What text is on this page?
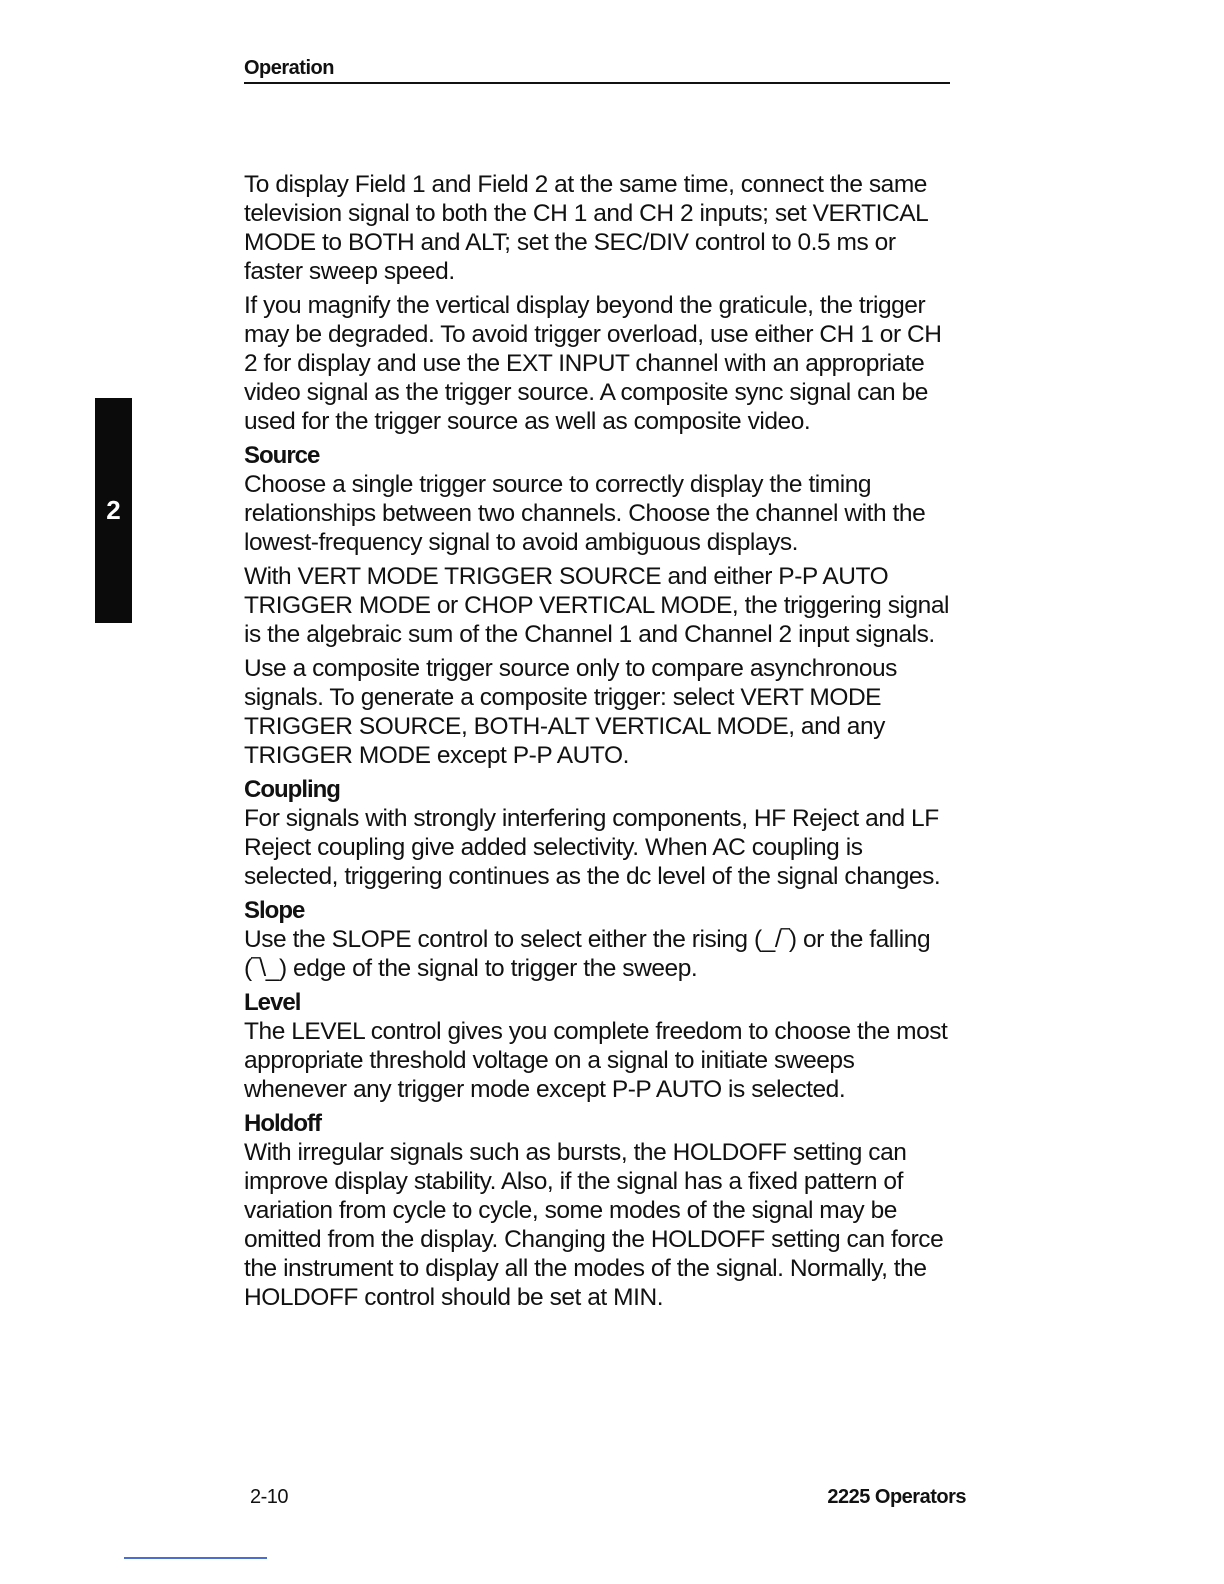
Operation
2

To display Field 1 and Field 2 at the same time, connect the same television signal to both the CH 1 and CH 2 inputs; set VERTICAL MODE to BOTH and ALT; set the SEC/DIV control to 0.5 ms or faster sweep speed.

If you magnify the vertical display beyond the graticule, the trigger may be degraded. To avoid trigger overload, use either CH 1 or CH 2 for display and use the EXT INPUT channel with an appropriate video signal as the trigger source. A composite sync signal can be used for the trigger source as well as composite video.

Source

Choose a single trigger source to correctly display the timing relationships between two channels. Choose the channel with the lowest-frequency signal to avoid ambiguous displays.

With VERT MODE TRIGGER SOURCE and either P-P AUTO TRIGGER MODE or CHOP VERTICAL MODE, the triggering signal is the algebraic sum of the Channel 1 and Channel 2 input signals.

Use a composite trigger source only to compare asynchronous signals. To generate a composite trigger: select VERT MODE TRIGGER SOURCE, BOTH-ALT VERTICAL MODE, and any TRIGGER MODE except P-P AUTO.

Coupling

For signals with strongly interfering components, HF Reject and LF Reject coupling give added selectivity. When AC coupling is selected, triggering continues as the dc level of the signal changes.

Slope

Use the SLOPE control to select either the rising (_/‾) or the falling (‾\_) edge of the signal to trigger the sweep.

Level

The LEVEL control gives you complete freedom to choose the most appropriate threshold voltage on a signal to initiate sweeps whenever any trigger mode except P-P AUTO is selected.

Holdoff

With irregular signals such as bursts, the HOLDOFF setting can improve display stability. Also, if the signal has a fixed pattern of variation from cycle to cycle, some modes of the signal may be omitted from the display. Changing the HOLDOFF setting can force the instrument to display all the modes of the signal. Normally, the HOLDOFF control should be set at MIN.

2-10	2225 Operators
